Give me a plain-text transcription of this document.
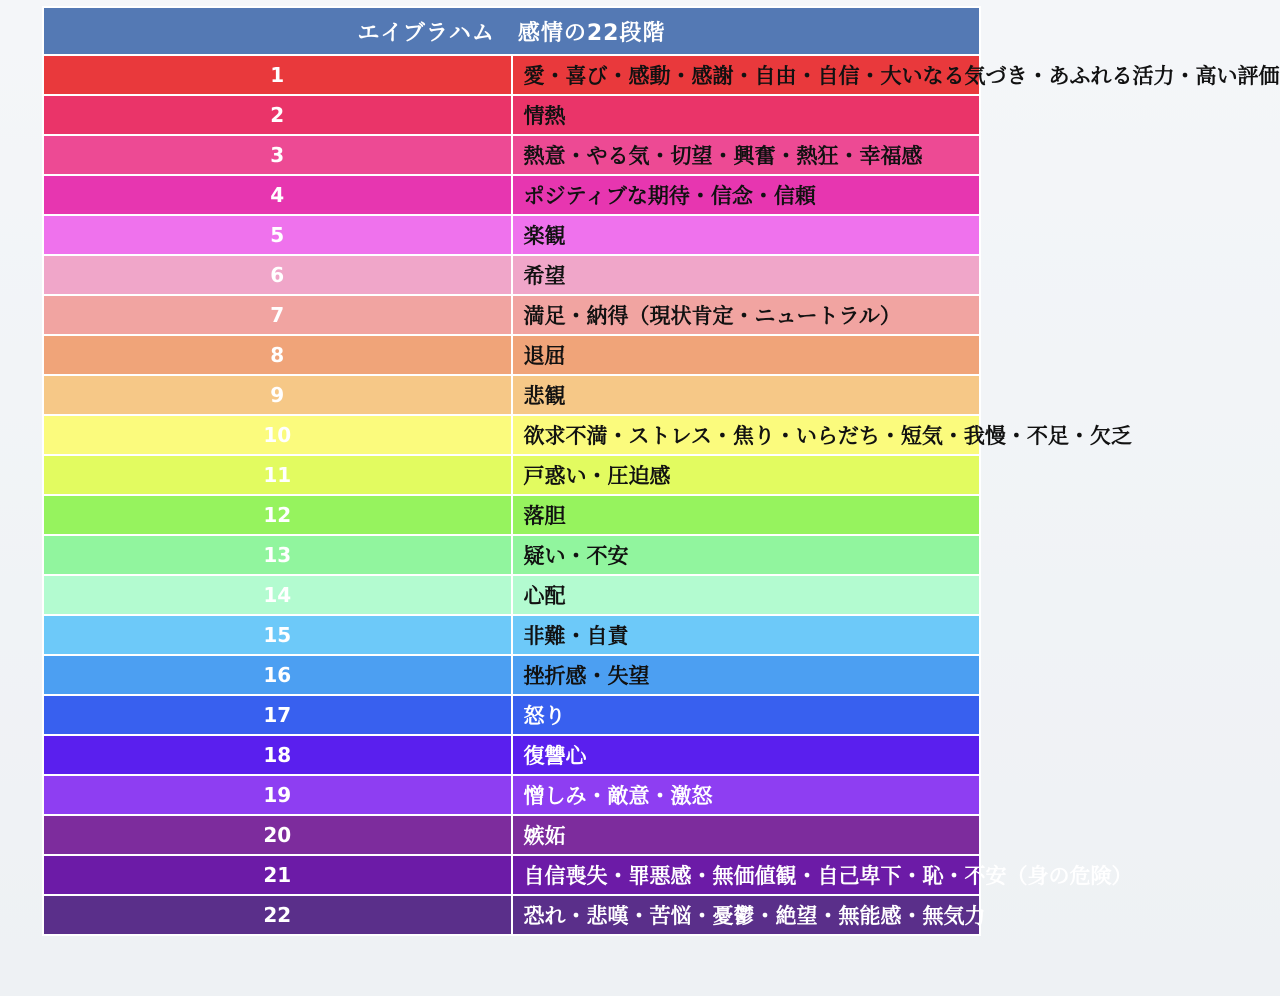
エイブラハム　感情の22段階	
1	愛・喜び・感動・感謝・自由・自信・大いなる気づき・あふれる活力・高い評価
2	情熱
3	熱意・やる気・切望・興奮・熱狂・幸福感
4	ポジティブな期待・信念・信頼
5	楽観
6	希望
7	満足・納得（現状肯定・ニュートラル）
8	退屈
9	悲観
10	欲求不満・ストレス・焦り・いらだち・短気・我慢・不足・欠乏
11	戸惑い・圧迫感
12	落胆
13	疑い・不安
14	心配
15	非難・自責
16	挫折感・失望
17	怒り
18	復讐心
19	憎しみ・敵意・激怒
20	嫉妬
21	自信喪失・罪悪感・無価値観・自己卑下・恥・不安（身の危険）
22	恐れ・悲嘆・苦悩・憂鬱・絶望・無能感・無気力
